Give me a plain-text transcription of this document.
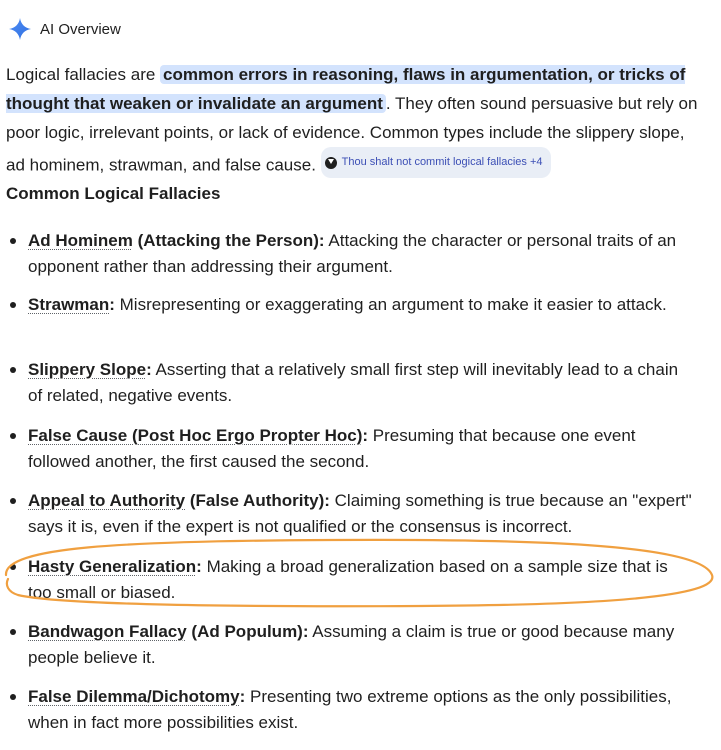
AI Overview
Logical fallacies are common errors in reasoning, flaws in argumentation, or tricks of thought that weaken or invalidate an argument . They often sound persuasive but rely on poor logic, irrelevant points, or lack of evidence. Common types include the slippery slope, ad hominem, strawman, and false cause. Thou shalt not commit logical fallacies +4
Common Logical Fallacies
Ad Hominem (Attacking the Person): Attacking the character or personal traits of an opponent rather than addressing their argument.
Strawman: Misrepresenting or exaggerating an argument to make it easier to attack.
Slippery Slope: Asserting that a relatively small first step will inevitably lead to a chain of related, negative events.
False Cause (Post Hoc Ergo Propter Hoc): Presuming that because one event followed another, the first caused the second.
Appeal to Authority (False Authority): Claiming something is true because an "expert" says it is, even if the expert is not qualified or the consensus is incorrect.
Hasty Generalization: Making a broad generalization based on a sample size that is too small or biased.
Bandwagon Fallacy (Ad Populum): Assuming a claim is true or good because many people believe it.
False Dilemma/Dichotomy: Presenting two extreme options as the only possibilities, when in fact more possibilities exist.
